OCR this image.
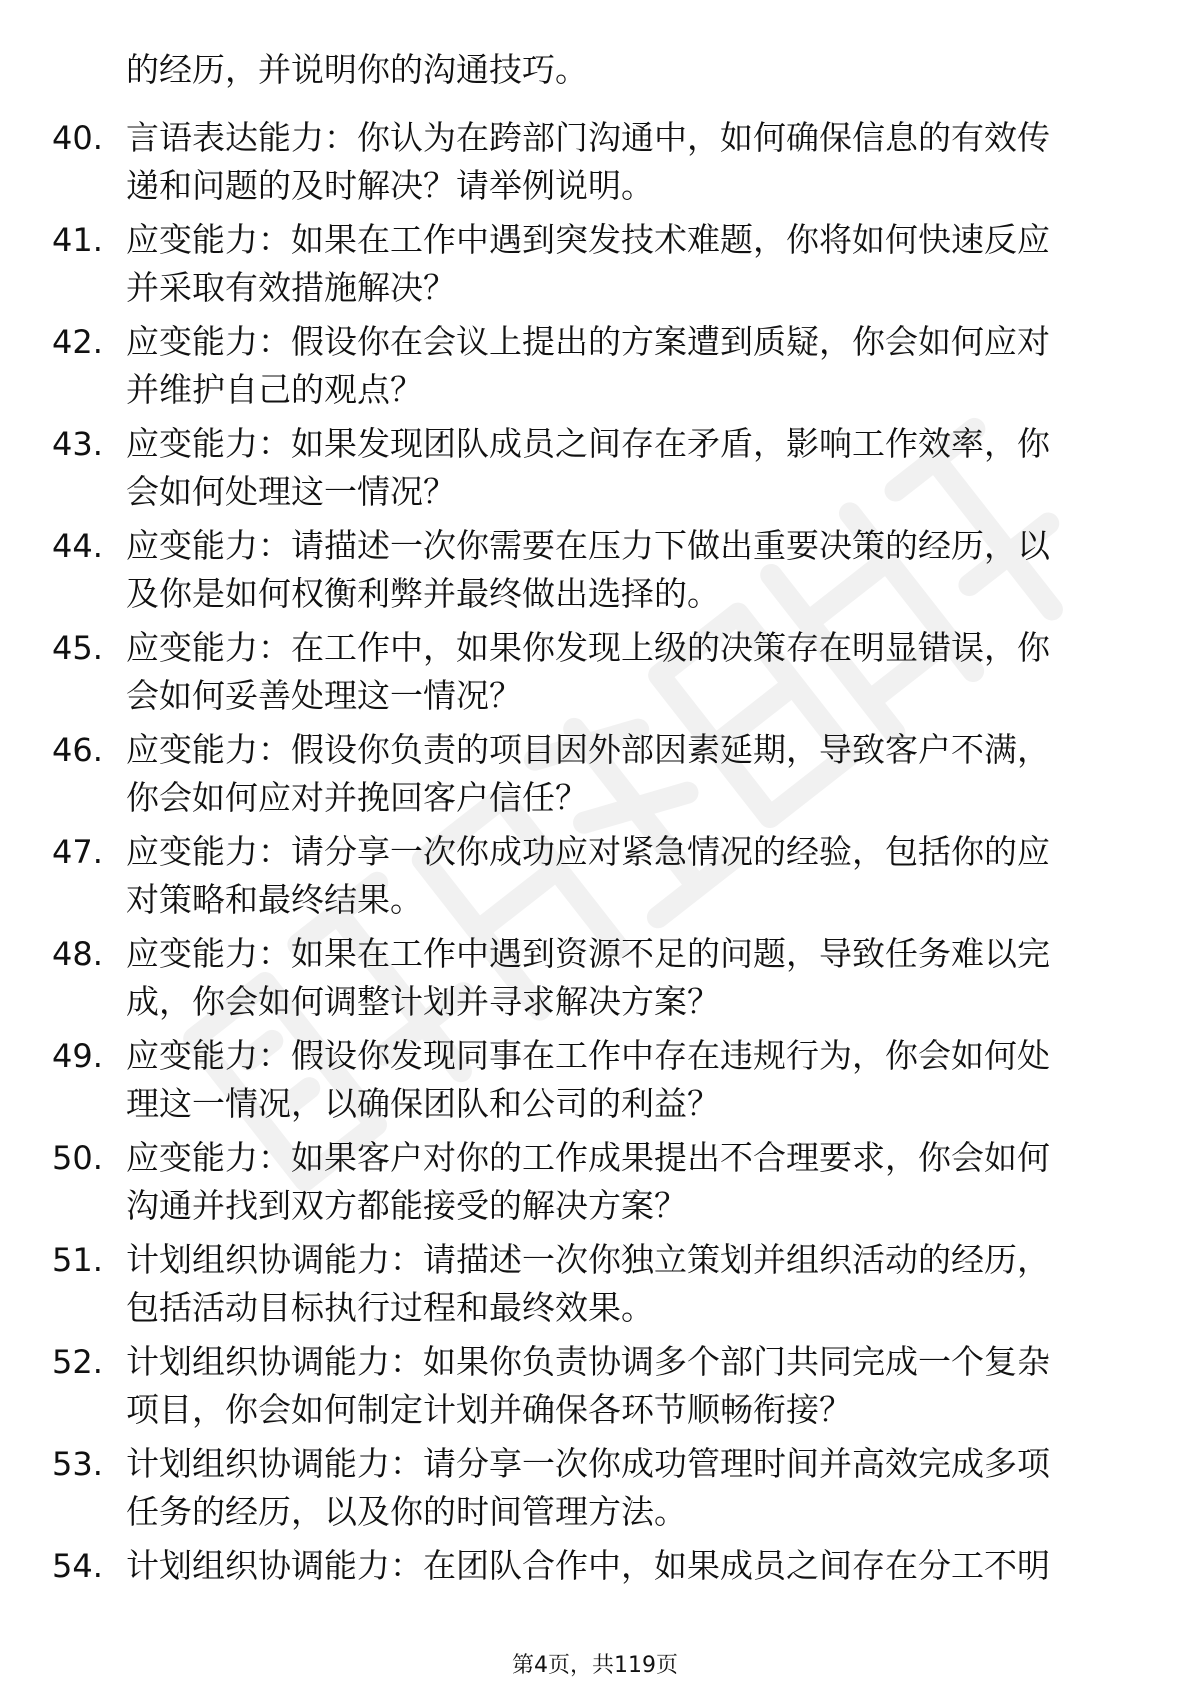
的经历，并说明你的沟通技巧。
40. 言语表达能力：你认为在跨部门沟通中，如何确保信息的有效传
递和问题的及时解决？请举例说明。
41. 应变能力：如果在工作中遇到突发技术难题，你将如何快速反应
并采取有效措施解决？
42. 应变能力：假设你在会议上提出的方案遭到质疑，你会如何应对
并维护自己的观点？
43. 应变能力：如果发现团队成员之间存在矛盾，影响工作效率，你
会如何处理这一情况？
44. 应变能力：请描述一次你需要在压力下做出重要决策的经历，以
及你是如何权衡利弊并最终做出选择的。
45. 应变能力：在工作中，如果你发现上级的决策存在明显错误，你
会如何妥善处理这一情况？
46. 应变能力：假设你负责的项目因外部因素延期，导致客户不满，
你会如何应对并挽回客户信任？
47. 应变能力：请分享一次你成功应对紧急情况的经验，包括你的应
对策略和最终结果。
48. 应变能力：如果在工作中遇到资源不足的问题，导致任务难以完
成，你会如何调整计划并寻求解决方案？
49. 应变能力：假设你发现同事在工作中存在违规行为，你会如何处
理这一情况，以确保团队和公司的利益？
50. 应变能力：如果客户对你的工作成果提出不合理要求，你会如何
沟通并找到双方都能接受的解决方案？
51. 计划组织协调能力：请描述一次你独立策划并组织活动的经历，
包括活动目标执行过程和最终效果。
52. 计划组织协调能力：如果你负责协调多个部门共同完成一个复杂
项目，你会如何制定计划并确保各环节顺畅衔接？
53. 计划组织协调能力：请分享一次你成功管理时间并高效完成多项
任务的经历，以及你的时间管理方法。
54. 计划组织协调能力：在团队合作中，如果成员之间存在分工不明
第4页，共119页
